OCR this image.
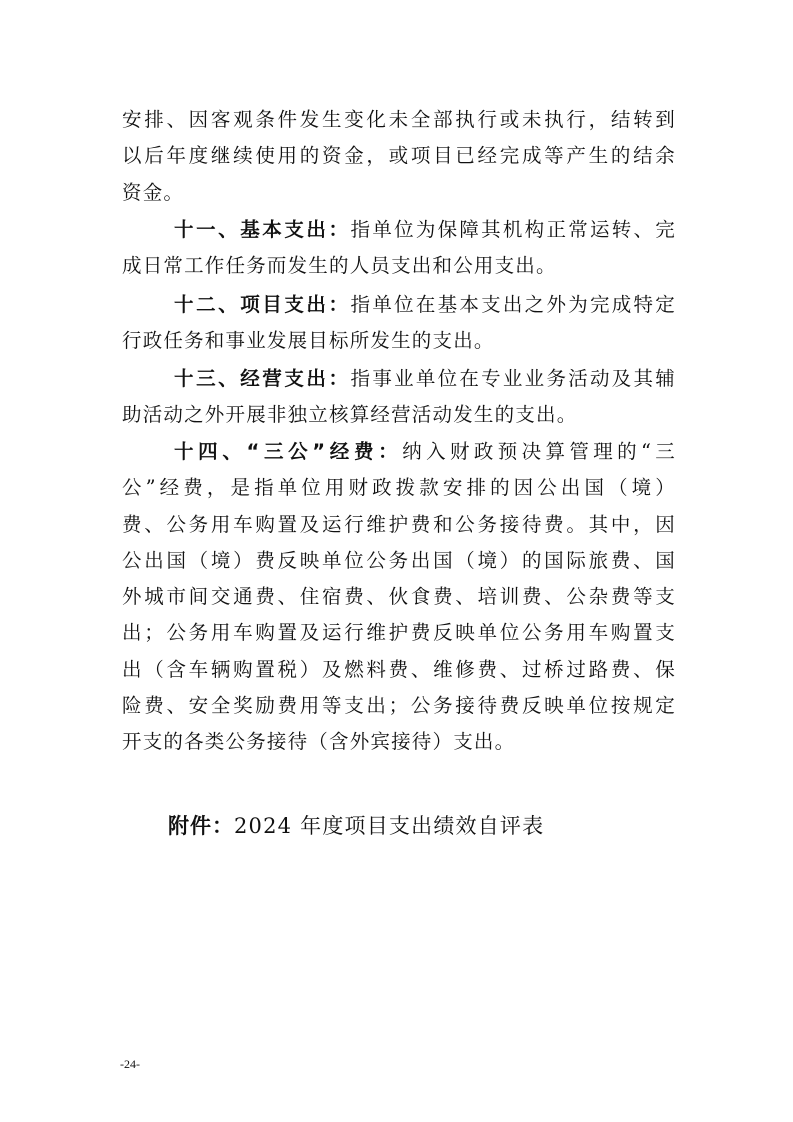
安排、因客观条件发生变化未全部执行或未执行，结转到
以后年度继续使用的资金，或项目已经完成等产生的结余
资金。

十一、基本支出：指单位为保障其机构正常运转、完
成日常工作任务而发生的人员支出和公用支出。

十二、项目支出：指单位在基本支出之外为完成特定
行政任务和事业发展目标所发生的支出。

十三、经营支出：指事业单位在专业业务活动及其辅
助活动之外开展非独立核算经营活动发生的支出。

十四、“三公”经费：纳入财政预决算管理的“三
公”经费，是指单位用财政拨款安排的因公出国（境）
费、公务用车购置及运行维护费和公务接待费。其中，因
公出国（境）费反映单位公务出国（境）的国际旅费、国
外城市间交通费、住宿费、伙食费、培训费、公杂费等支
出；公务用车购置及运行维护费反映单位公务用车购置支
出（含车辆购置税）及燃料费、维修费、过桥过路费、保
险费、安全奖励费用等支出；公务接待费反映单位按规定
开支的各类公务接待（含外宾接待）支出。

附件：2024 年度项目支出绩效自评表

-24-
